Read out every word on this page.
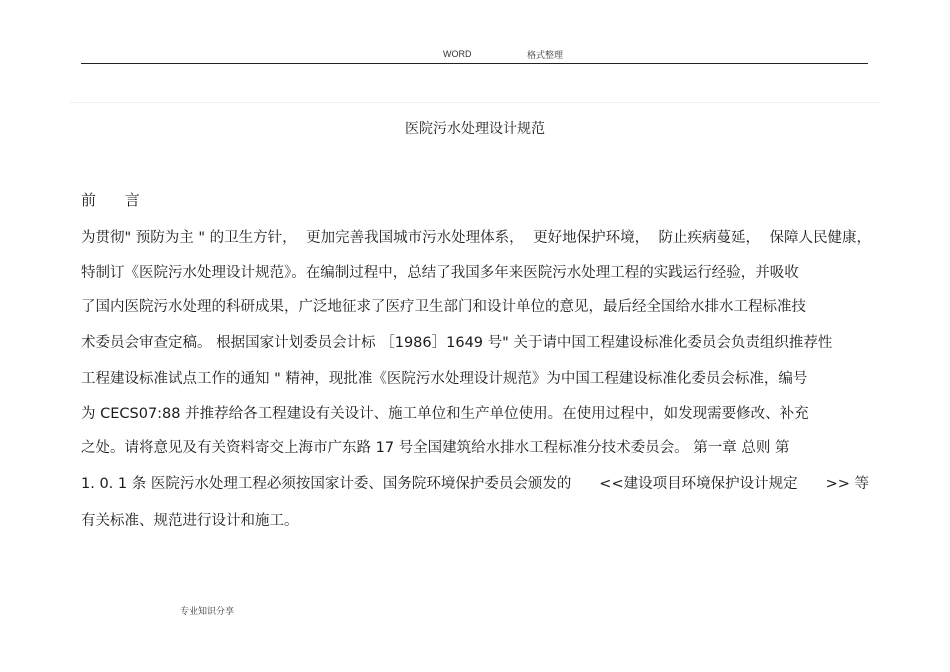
WORD	格式整理
医院污水处理设计规范
前 言
为贯彻" 预防为主 " 的卫生方针， 更加完善我国城市污水处理体系， 更好地保护环境， 防止疾病蔓延， 保障人民健康，
特制订《医院污水处理设计规范》。在编制过程中，总结了我国多年来医院污水处理工程的实践运行经验，并吸收
了国内医院污水处理的科研成果，广泛地征求了医疗卫生部门和设计单位的意见，最后经全国给水排水工程标准技
术委员会审查定稿。 根据国家计划委员会计标 ［1986］1649 号" 关于请中国工程建设标准化委员会负责组织推荐性
工程建设标准试点工作的通知 " 精神，现批准《医院污水处理设计规范》为中国工程建设标准化委员会标准，编号
为 CECS07:88 并推荐给各工程建设有关设计、施工单位和生产单位使用。在使用过程中，如发现需要修改、补充
之处。请将意见及有关资料寄交上海市广东路 17 号全国建筑给水排水工程标准分技术委员会。 第一章 总则 第
1. 0. 1 条 医院污水处理工程必须按国家计委、国务院环境保护委员会颁发的 <<建设项目环境保护设计规定 >> 等
有关标准、规范进行设计和施工。
专业知识分享
